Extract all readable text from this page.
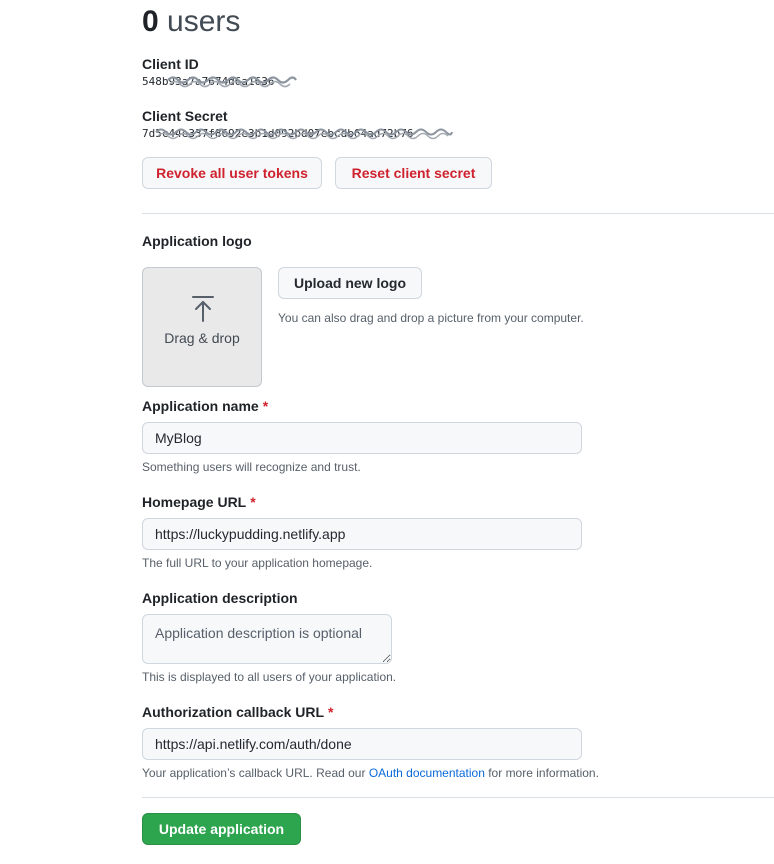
0 users
Client ID
548b93a7a7674d6a1636
Client Secret
7d5c44e337f8692e3b1d092bd07ebcdb64ad72b76
Revoke all user tokens	Reset client secret
Application logo
Drag & drop
Upload new logo
You can also drag and drop a picture from your computer.
Application name *
MyBlog
Something users will recognize and trust.
Homepage URL *
https://luckypudding.netlify.app
The full URL to your application homepage.
Application description
Application description is optional
This is displayed to all users of your application.
Authorization callback URL *
https://api.netlify.com/auth/done
Your application’s callback URL. Read our OAuth documentation for more information.
Update application
